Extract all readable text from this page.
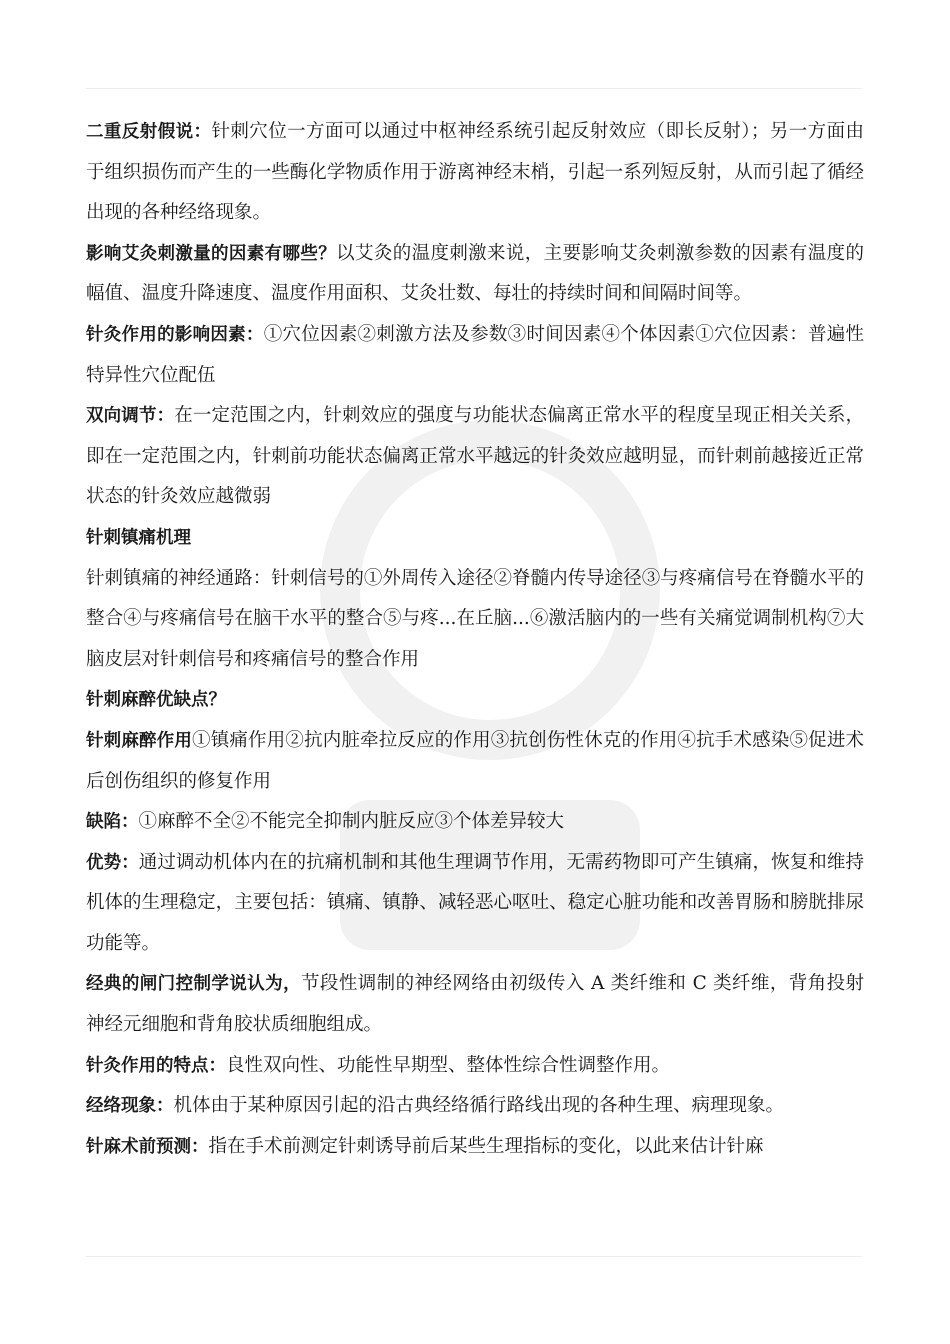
二重反射假说：针刺穴位一方面可以通过中枢神经系统引起反射效应（即长反射）；另一方面由于组织损伤而产生的一些酶化学物质作用于游离神经末梢，引起一系列短反射，从而引起了循经出现的各种经络现象。

影响艾灸刺激量的因素有哪些？以艾灸的温度刺激来说，主要影响艾灸刺激参数的因素有温度的幅值、温度升降速度、温度作用面积、艾灸壮数、每壮的持续时间和间隔时间等。

针灸作用的影响因素：①穴位因素②刺激方法及参数③时间因素④个体因素①穴位因素：普遍性特异性穴位配伍

双向调节：在一定范围之内，针刺效应的强度与功能状态偏离正常水平的程度呈现正相关关系，即在一定范围之内，针刺前功能状态偏离正常水平越远的针灸效应越明显，而针刺前越接近正常状态的针灸效应越微弱

针刺镇痛机理

针刺镇痛的神经通路：针刺信号的①外周传入途径②脊髓内传导途径③与疼痛信号在脊髓水平的整合④与疼痛信号在脑干水平的整合⑤与疼...在丘脑...⑥激活脑内的一些有关痛觉调制机构⑦大脑皮层对针刺信号和疼痛信号的整合作用

针刺麻醉优缺点？

针刺麻醉作用①镇痛作用②抗内脏牵拉反应的作用③抗创伤性休克的作用④抗手术感染⑤促进术后创伤组织的修复作用

缺陷：①麻醉不全②不能完全抑制内脏反应③个体差异较大

优势：通过调动机体内在的抗痛机制和其他生理调节作用，无需药物即可产生镇痛，恢复和维持机体的生理稳定，主要包括：镇痛、镇静、减轻恶心呕吐、稳定心脏功能和改善胃肠和膀胱排尿功能等。

经典的闸门控制学说认为，节段性调制的神经网络由初级传入 A 类纤维和 C 类纤维，背角投射神经元细胞和背角胶状质细胞组成。

针灸作用的特点：良性双向性、功能性早期型、整体性综合性调整作用。

经络现象：机体由于某种原因引起的沿古典经络循行路线出现的各种生理、病理现象。

针麻术前预测：指在手术前测定针刺诱导前后某些生理指标的变化，以此来估计针麻
